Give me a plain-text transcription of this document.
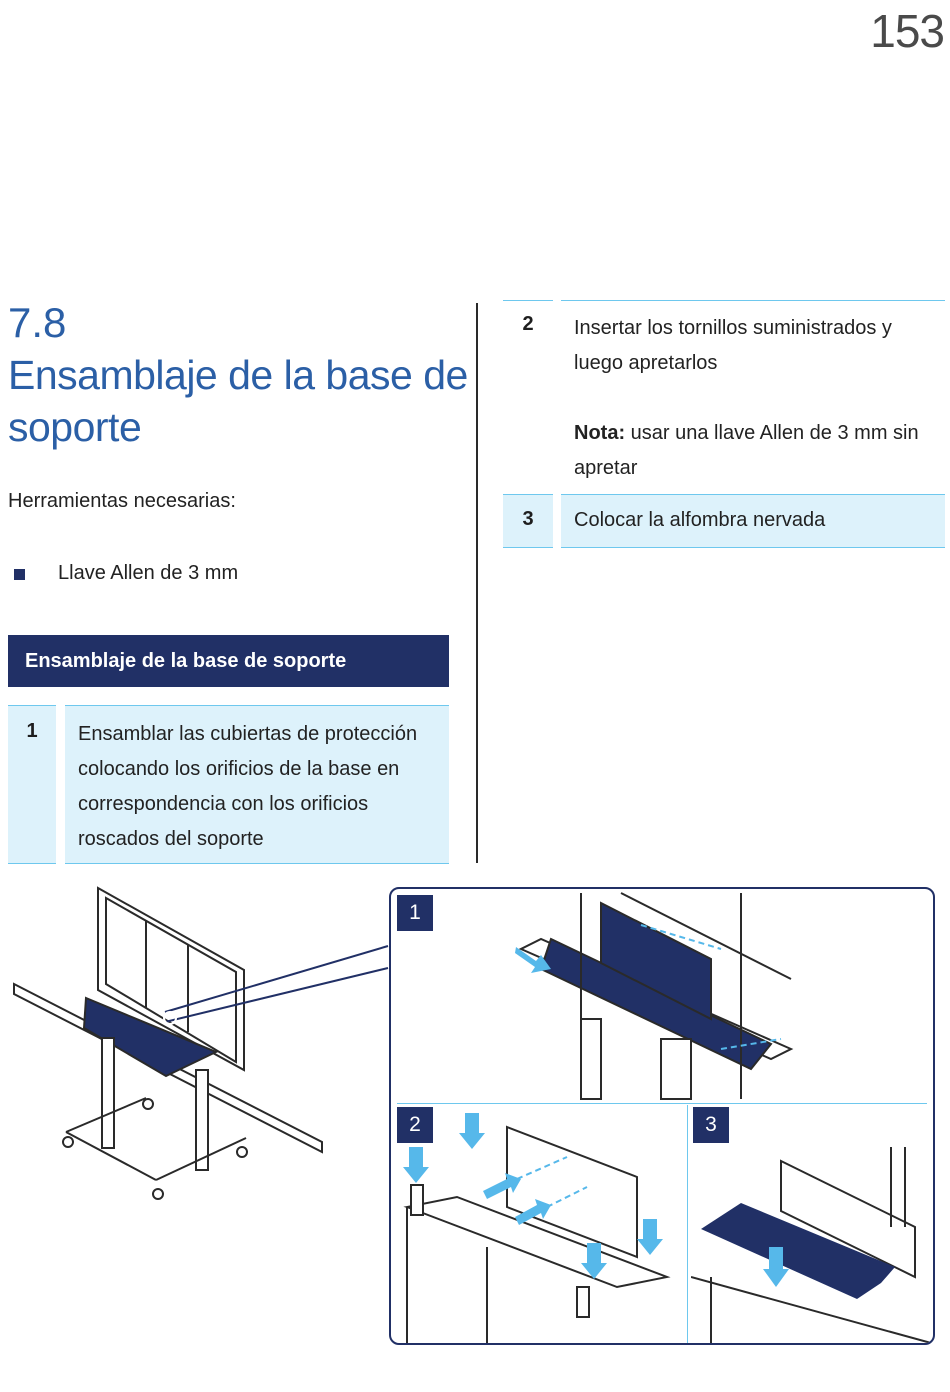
153
7.8
Ensamblaje de la base de soporte
Herramientas necesarias:
Llave Allen de 3 mm
Ensamblaje de la base de soporte
1	Ensamblar las cubiertas de protección colocando los orificios de la base en correspondencia con los orificios roscados del soporte
2	Insertar los tornillos suministrados y luego apretarlos
Nota: usar una llave Allen de 3 mm sin apretar
3	Colocar la alfombra nervada
1
2	3
